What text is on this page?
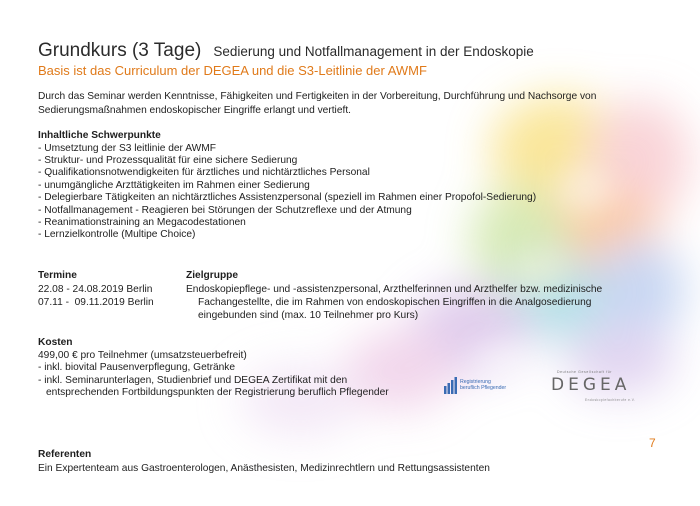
Grundkurs (3 Tage) Sedierung und Notfallmanagement in der Endoskopie
Basis ist das Curriculum der DEGEA und die S3-Leitlinie der AWMF

Durch das Seminar werden Kenntnisse, Fähigkeiten und Fertigkeiten in der Vorbereitung, Durchführung und Nachsorge von Sedierungsmaßnahmen endoskopischer Eingriffe erlangt und vertieft.

Inhaltliche Schwerpunkte
- Umsetztung der S3 leitlinie der AWMF
- Struktur- und Prozessqualität für eine sichere Sedierung
- Qualifikationsnotwendigkeiten für ärztliches und nichtärztliches Personal
- unumgängliche Arzttätigkeiten im Rahmen einer Sedierung
- Delegierbare Tätigkeiten an nichtärztliches Assistenzpersonal (speziell im Rahmen einer Propofol-Sedierung)
- Notfallmanagement - Reagieren bei Störungen der Schutzreflexe und der Atmung
- Reanimationstraining an Megacodestationen
- Lernzielkontrolle (Multipe Choice)
Termine
22.08 - 24.08.2019 Berlin
07.11 -  09.11.2019 Berlin
Zielgruppe
Endoskopiepflege- und -assistenzpersonal, Arzthelferinnen und Arzthelfer bzw. medizinische
Fachangestellte, die im Rahmen von endoskopischen Eingriffen in die Analgosedierung
eingebunden sind (max. 10 Teilnehmer pro Kurs)
Kosten
499,00 € pro Teilnehmer (umsatzsteuerbefreit)
- inkl. biovital Pausenverpflegung, Getränke
- inkl. Seminarunterlagen, Studienbrief und DEGEA Zertifikat mit den
entsprechenden Fortbildungspunkten der Registrierung beruflich Pflegender
Referenten
Ein Expertenteam aus Gastroenterologen, Anästhesisten, Medizinrechtlern und Rettungsassistenten
Registrierung
beruflich Pflegender
Deutsche Gesellschaft für
DEGEA
Endoskopiefachberufe e.V.
7
